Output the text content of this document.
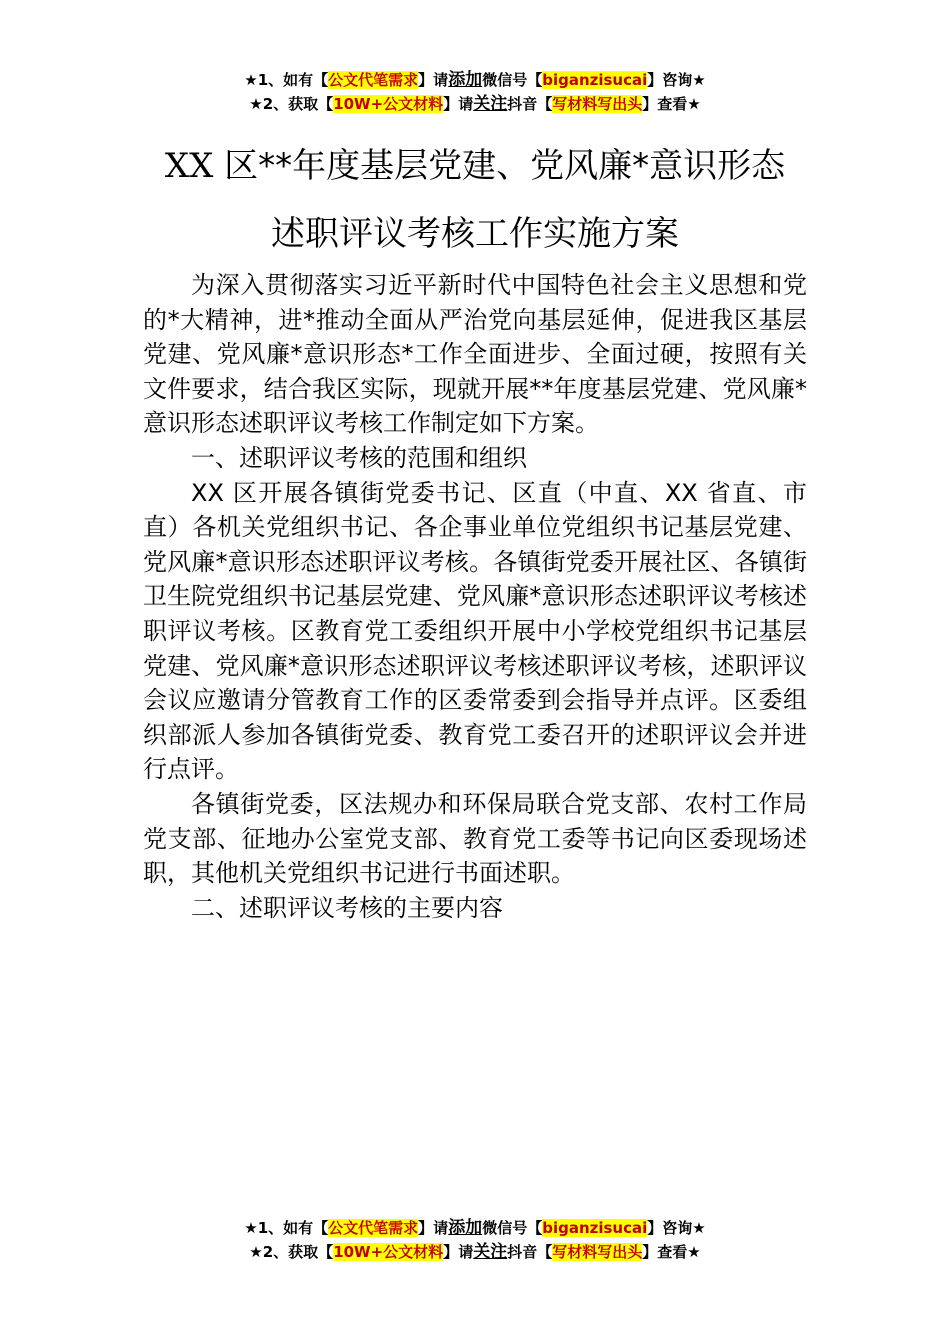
★1、如有【公文代笔需求】请添加微信号【biganzisucai】咨询★
★2、获取【10W+公文材料】请关注抖音【写材料写出头】查看★
XX 区**年度基层党建、党风廉*意识形态
述职评议考核工作实施方案

为深入贯彻落实习近平新时代中国特色社会主义思想和党的*大精神，进*推动全面从严治党向基层延伸，促进我区基层党建、党风廉*意识形态*工作全面进步、全面过硬，按照有关文件要求，结合我区实际，现就开展**年度基层党建、党风廉*意识形态述职评议考核工作制定如下方案。

一、述职评议考核的范围和组织

XX 区开展各镇街党委书记、区直（中直、XX 省直、市直）各机关党组织书记、各企事业单位党组织书记基层党建、党风廉*意识形态述职评议考核。各镇街党委开展社区、各镇街卫生院党组织书记基层党建、党风廉*意识形态述职评议考核述职评议考核。区教育党工委组织开展中小学校党组织书记基层党建、党风廉*意识形态述职评议考核述职评议考核，述职评议会议应邀请分管教育工作的区委常委到会指导并点评。区委组织部派人参加各镇街党委、教育党工委召开的述职评议会并进行点评。

各镇街党委，区法规办和环保局联合党支部、农村工作局党支部、征地办公室党支部、教育党工委等书记向区委现场述职，其他机关党组织书记进行书面述职。

二、述职评议考核的主要内容

★1、如有【公文代笔需求】请添加微信号【biganzisucai】咨询★
★2、获取【10W+公文材料】请关注抖音【写材料写出头】查看★
